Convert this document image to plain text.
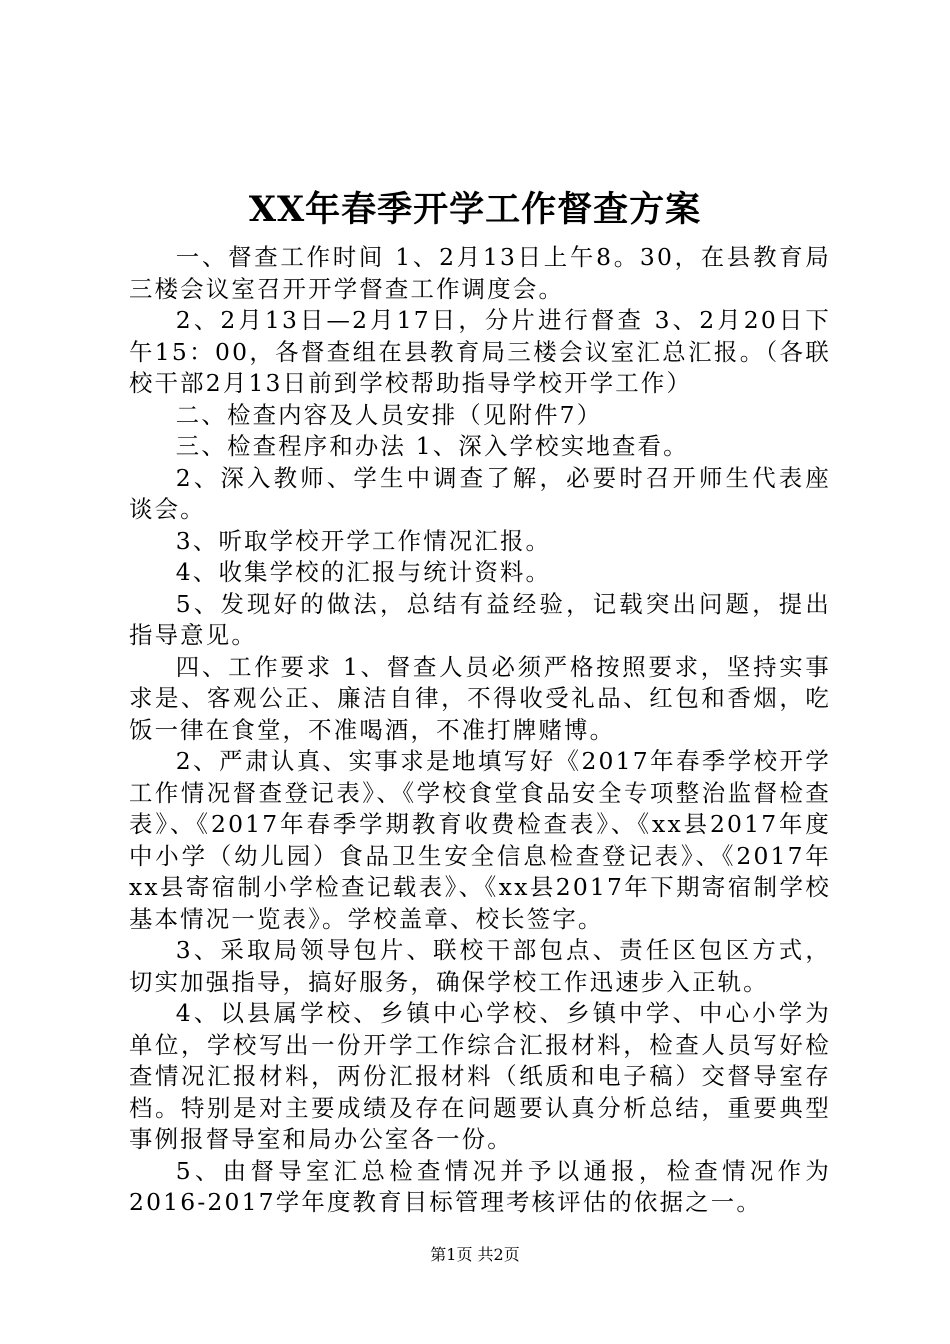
XX年春季开学工作督查方案

一、督查工作时间 1、2月13日上午8。30，在县教育局三楼会议室召开开学督查工作调度会。

2、2月13日—2月17日，分片进行督查 3、2月20日下午15：00，各督查组在县教育局三楼会议室汇总汇报。（各联校干部2月13日前到学校帮助指导学校开学工作）

二、检查内容及人员安排（见附件7）

三、检查程序和办法 1、深入学校实地查看。

2、深入教师、学生中调查了解，必要时召开师生代表座谈会。

3、听取学校开学工作情况汇报。

4、收集学校的汇报与统计资料。

5、发现好的做法，总结有益经验，记载突出问题，提出指导意见。

四、工作要求 1、督查人员必须严格按照要求，坚持实事求是、客观公正、廉洁自律，不得收受礼品、红包和香烟，吃饭一律在食堂，不准喝酒，不准打牌赌博。

2、严肃认真、实事求是地填写好《2017年春季学校开学工作情况督查登记表》、《学校食堂食品安全专项整治监督检查表》、《2017年春季学期教育收费检查表》、《xx县2017年度中小学（幼儿园）食品卫生安全信息检查登记表》、《2017年xx县寄宿制小学检查记载表》、《xx县2017年下期寄宿制学校基本情况一览表》。学校盖章、校长签字。

3、采取局领导包片、联校干部包点、责任区包区方式，切实加强指导，搞好服务，确保学校工作迅速步入正轨。

4、以县属学校、乡镇中心学校、乡镇中学、中心小学为单位，学校写出一份开学工作综合汇报材料，检查人员写好检查情况汇报材料，两份汇报材料（纸质和电子稿）交督导室存档。特别是对主要成绩及存在问题要认真分析总结，重要典型事例报督导室和局办公室各一份。

5、由督导室汇总检查情况并予以通报，检查情况作为2016-2017学年度教育目标管理考核评估的依据之一。

第1页 共2页
